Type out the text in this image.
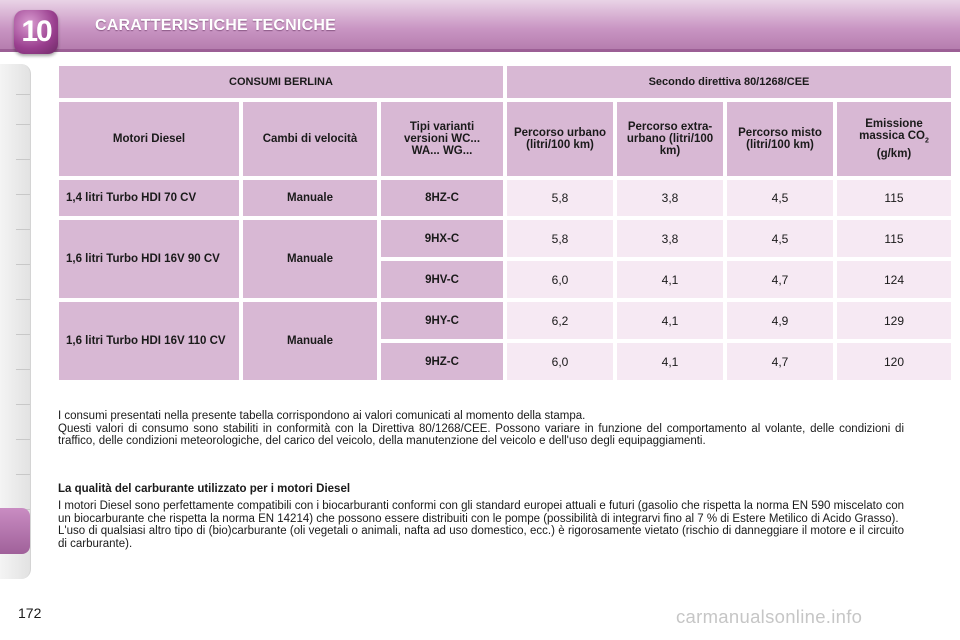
10	CARATTERISTICHE TECNICHE
CONSUMI BERLINA			Secondo direttiva 80/1268/CEE			
Motori Diesel	Cambi di velocità	Tipi varianti versioni WC... WA... WG...	Percorso urbano (litri/100 km)	Percorso extra-urbano (litri/100 km)	Percorso misto (litri/100 km)	Emissione massica $CO_2$
(g/km)
1,4 litri Turbo HDI 70 CV	Manuale	8HZ-C	5,8	3,8	4,5	115
1,6 litri Turbo HDI 16V 90 CV	Manuale	9HX-C	5,8	3,8	4,5	115
		9HV-C	6,0	4,1	4,7	124
1,6 litri Turbo HDI 16V 110 CV	Manuale	9HY-C	6,2	4,1	4,9	129
		9HZ-C	6,0	4,1	4,7	120

I consumi presentati nella presente tabella corrispondono ai valori comunicati al momento della stampa.

Questi valori di consumo sono stabiliti in conformità con la Direttiva 80/1268/CEE. Possono variare in funzione del comportamento al volante, delle condizioni di traffico, delle condizioni meteorologiche, del carico del veicolo, della manutenzione del veicolo e dell'uso degli equipaggiamenti.

La qualità del carburante utilizzato per i motori Diesel

I motori Diesel sono perfettamente compatibili con i biocarburanti conformi con gli standard europei attuali e futuri (gasolio che rispetta la norma EN 590 miscelato con un biocarburante che rispetta la norma EN 14214) che possono essere distribuiti con le pompe (possibilità di integrarvi fino al 7 % di Estere Metilico di Acido Grasso).

L'uso di qualsiasi altro tipo di (bio)carburante (oli vegetali o animali, nafta ad uso domestico, ecc.) è rigorosamente vietato (rischio di danneggiare il motore e il circuito di carburante).

172	carmanualsonline.info
